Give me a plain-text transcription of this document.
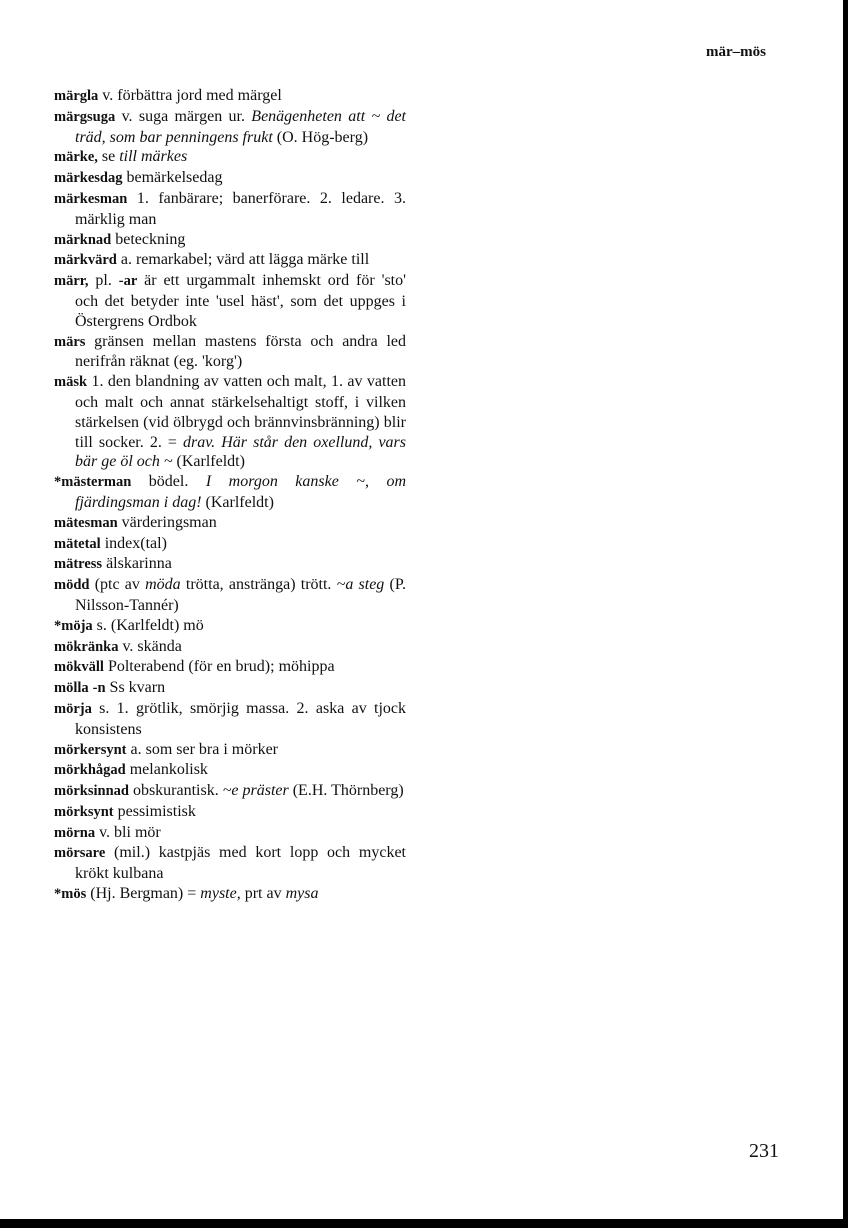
mär–mös

märgla v. förbättra jord med märgel

märgsuga v. suga märgen ur. Benägenheten att ~ det träd, som bar penningens frukt (O. Hög-berg)

märke, se till märkes

märkesdag bemärkelsedag

märkesman 1. fanbärare; banerförare. 2. ledare. 3. märklig man

märknad beteckning

märkvärd a. remarkabel; värd att lägga märke till

märr, pl. -ar är ett urgammalt inhemskt ord för 'sto' och det betyder inte 'usel häst', som det uppges i Östergrens Ordbok

märs gränsen mellan mastens första och andra led nerifrån räknat (eg. 'korg')

mäsk 1. den blandning av vatten och malt, 1. av vatten och malt och annat stärkelsehaltigt stoff, i vilken stärkelsen (vid ölbrygd och brännvinsbränning) blir till socker. 2. = drav. Här står den oxellund, vars bär ge öl och ~ (Karlfeldt)

*mästerman bödel. I morgon kanske ~, om fjärdingsman i dag! (Karlfeldt)

mätesman värderingsman

mätetal index(tal)

mätress älskarinna

mödd (ptc av möda trötta, anstränga) trött. ~a steg (P. Nilsson-Tannér)

*möja s. (Karlfeldt) mö

mökränka v. skända

mökväll Polterabend (för en brud); möhippa

mölla -n Ss kvarn

mörja s. 1. grötlik, smörjig massa. 2. aska av tjock konsistens

mörkersynt a. som ser bra i mörker

mörkhågad melankolisk

mörksinnad obskurantisk. ~e präster (E.H. Thörnberg)

mörksynt pessimistisk

mörna v. bli mör

mörsare (mil.) kastpjäs med kort lopp och mycket krökt kulbana

*mös (Hj. Bergman) = myste, prt av mysa

231
